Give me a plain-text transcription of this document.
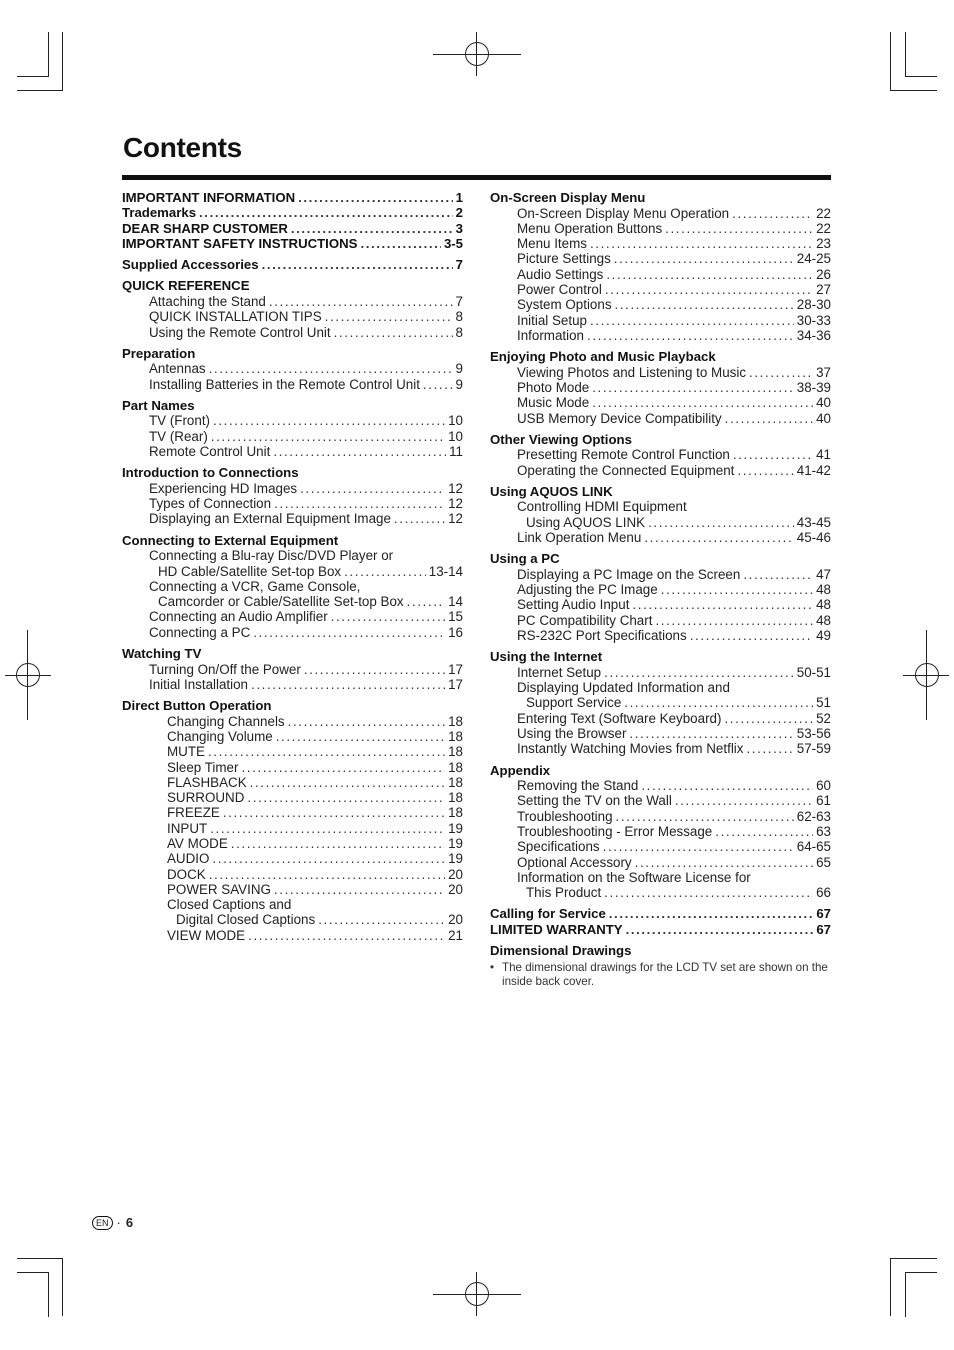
Contents
IMPORTANT INFORMATION .....	1
Trademarks .....	2
DEAR SHARP CUSTOMER .....	3
IMPORTANT SAFETY INSTRUCTIONS .....	3-5
Supplied Accessories .....	7
QUICK REFERENCE
Attaching the Stand .....	7
QUICK INSTALLATION TIPS .....	8
Using the Remote Control Unit .....	8
Preparation
Antennas .....	9
Installing Batteries in the Remote Control Unit .....	9
Part Names
TV (Front) .....	10
TV (Rear) .....	10
Remote Control Unit .....	11
Introduction to Connections
Experiencing HD Images .....	12
Types of Connection .....	12
Displaying an External Equipment Image .....	12
Connecting to External Equipment
Connecting a Blu-ray Disc/DVD Player or
HD Cable/Satellite Set-top Box .....	13-14
Connecting a VCR, Game Console,
Camcorder or Cable/Satellite Set-top Box .....	14
Connecting an Audio Amplifier .....	15
Connecting a PC .....	16
Watching TV
Turning On/Off the Power .....	17
Initial Installation .....	17
Direct Button Operation
Changing Channels .....	18
Changing Volume .....	18
MUTE .....	18
Sleep Timer .....	18
FLASHBACK .....	18
SURROUND .....	18
FREEZE .....	18
INPUT .....	19
AV MODE .....	19
AUDIO .....	19
DOCK .....	20
POWER SAVING .....	20
Closed Captions and
Digital Closed Captions .....	20
VIEW MODE .....	21
On-Screen Display Menu
On-Screen Display Menu Operation .....	22
Menu Operation Buttons .....	22
Menu Items .....	23
Picture Settings .....	24-25
Audio Settings .....	26
Power Control .....	27
System Options .....	28-30
Initial Setup .....	30-33
Information .....	34-36
Enjoying Photo and Music Playback
Viewing Photos and Listening to Music .....	37
Photo Mode .....	38-39
Music Mode .....	40
USB Memory Device Compatibility .....	40
Other Viewing Options
Presetting Remote Control Function .....	41
Operating the Connected Equipment .....	41-42
Using AQUOS LINK
Controlling HDMI Equipment
Using AQUOS LINK .....	43-45
Link Operation Menu .....	45-46
Using a PC
Displaying a PC Image on the Screen .....	47
Adjusting the PC Image .....	48
Setting Audio Input .....	48
PC Compatibility Chart .....	48
RS-232C Port Specifications .....	49
Using the Internet
Internet Setup .....	50-51
Displaying Updated Information and
Support Service .....	51
Entering Text (Software Keyboard) .....	52
Using the Browser .....	53-56
Instantly Watching Movies from Netflix .....	57-59
Appendix
Removing the Stand .....	60
Setting the TV on the Wall .....	61
Troubleshooting .....	62-63
Troubleshooting - Error Message .....	63
Specifications .....	64-65
Optional Accessory .....	65
Information on the Software License for
This Product .....	66
Calling for Service .....	67
LIMITED WARRANTY .....	67
Dimensional Drawings
• The dimensional drawings for the LCD TV set are shown on the inside back cover.
EN · 6
